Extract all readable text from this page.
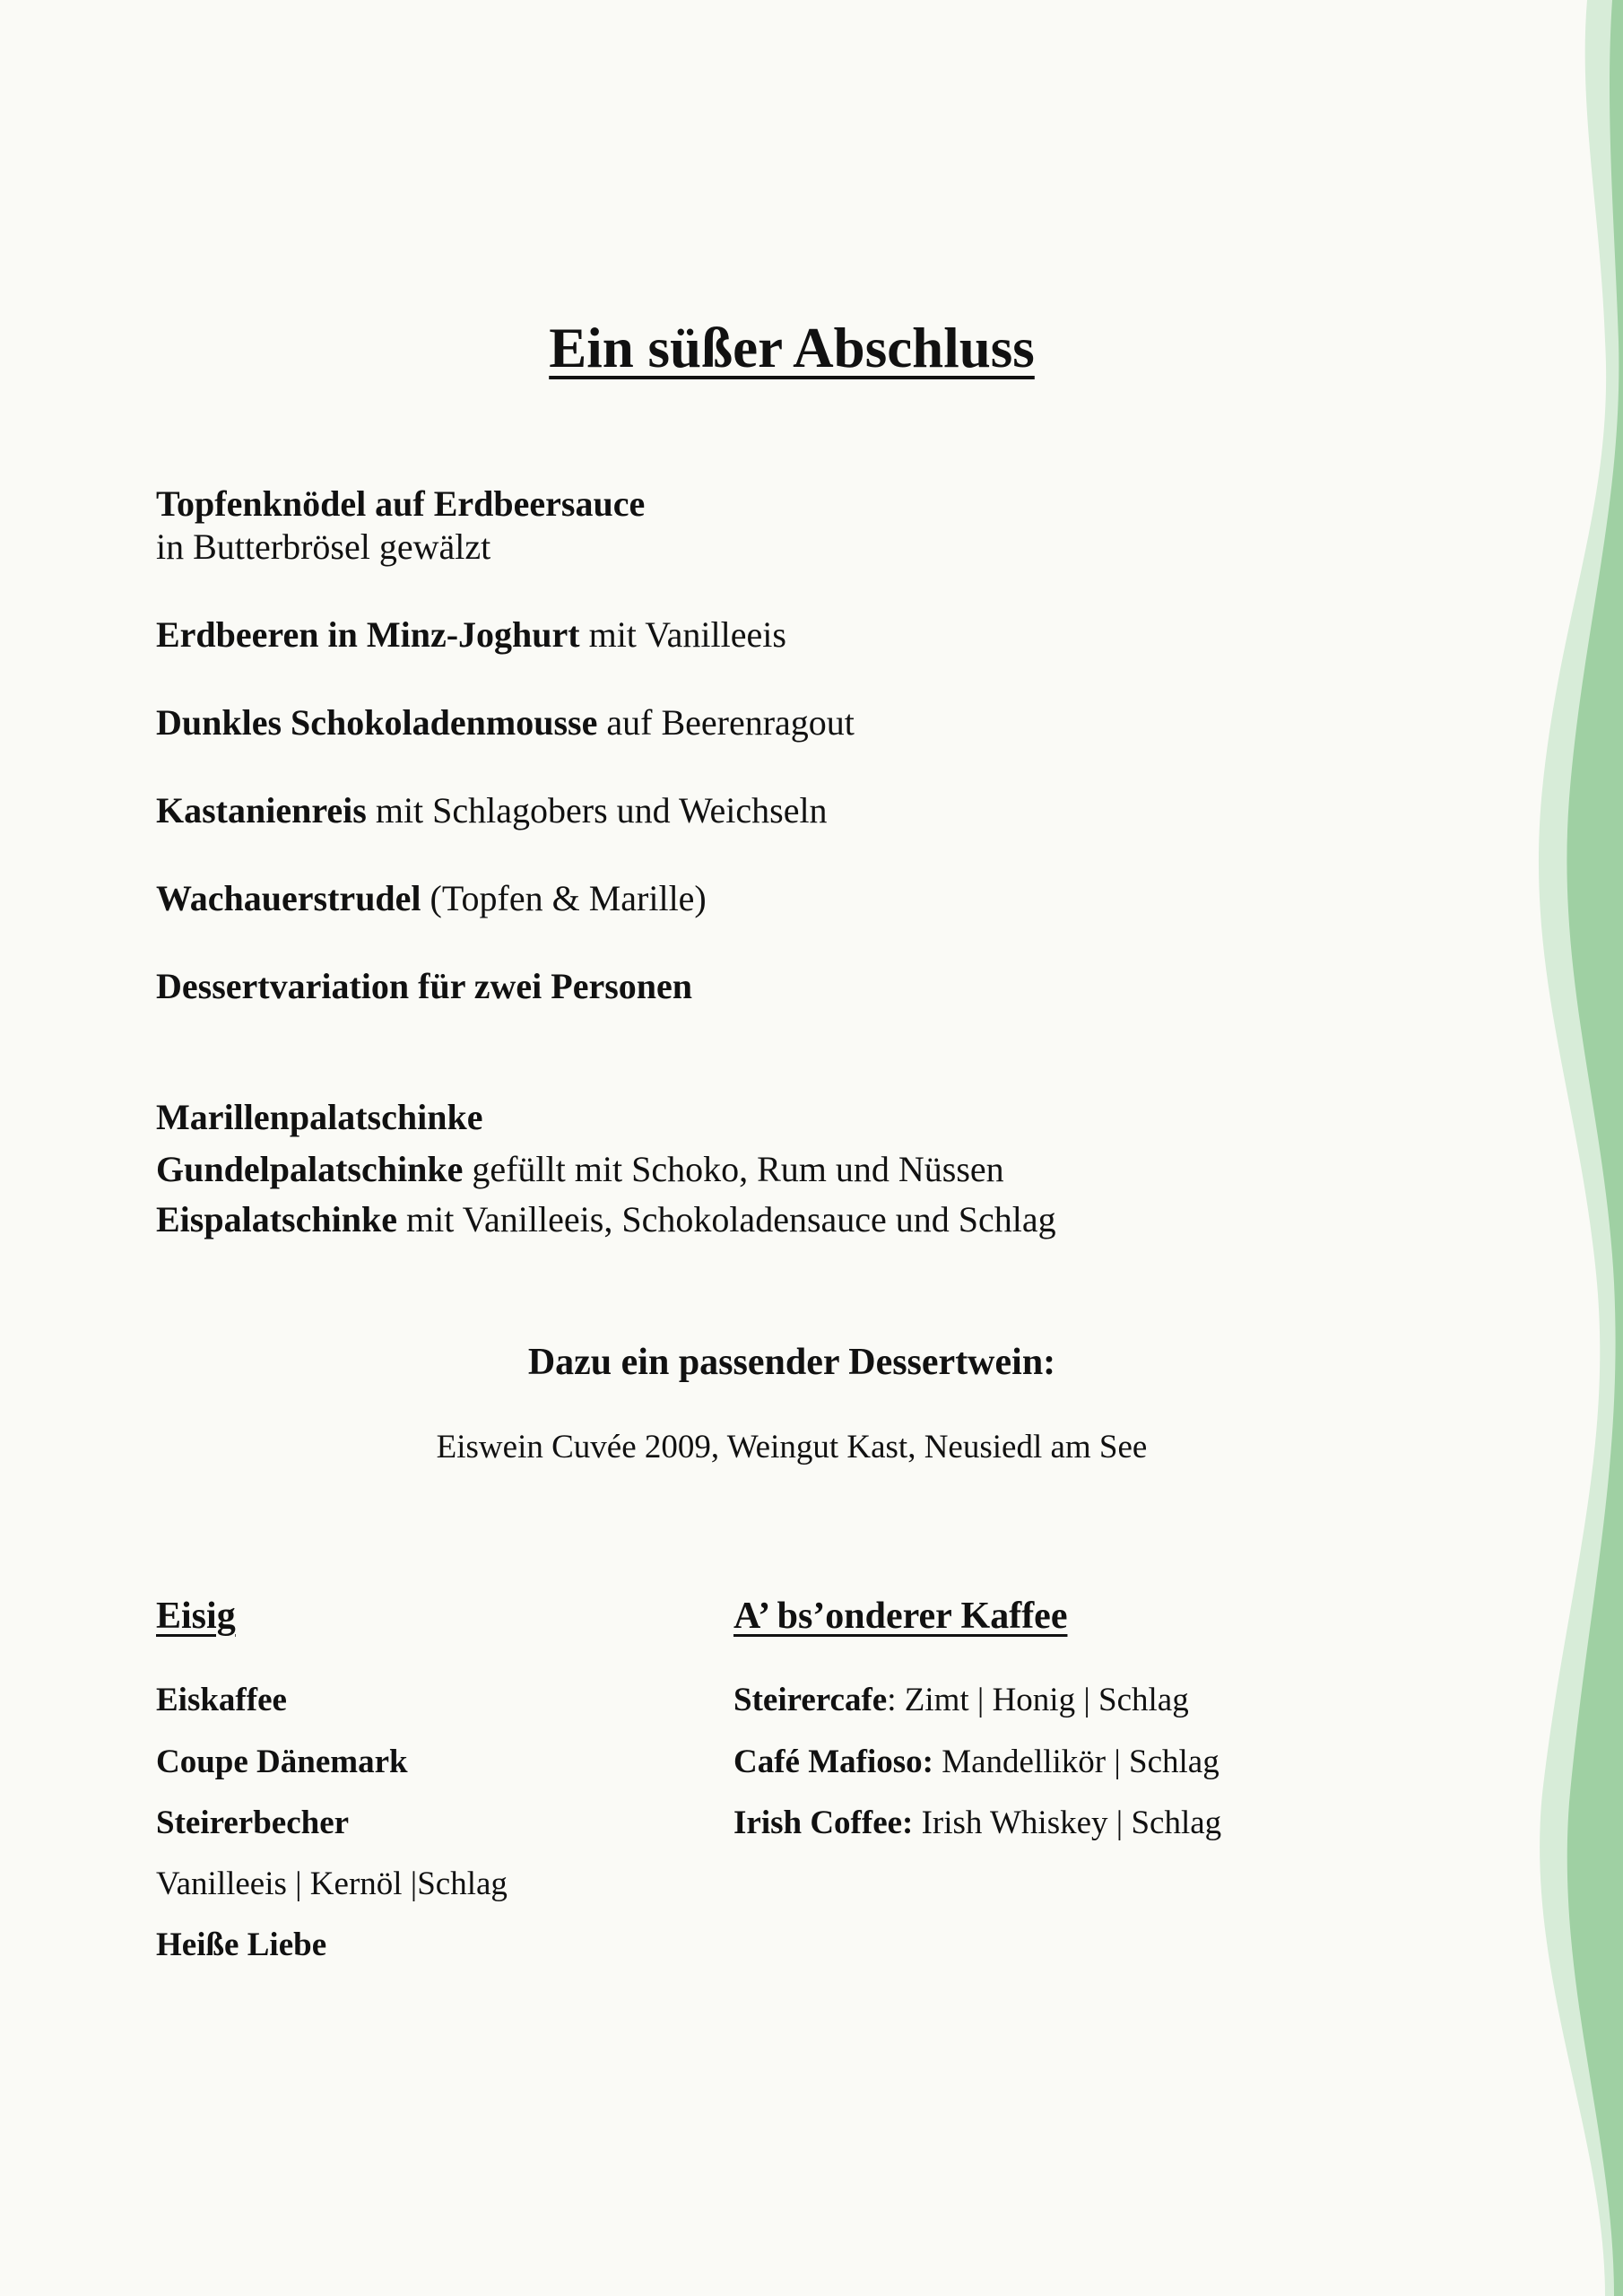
Ein süßer Abschluss
Topfenknödel auf Erdbeersauce
in Butterbrösel gewälzt
Erdbeeren in Minz-Joghurt mit Vanilleeis
Dunkles Schokoladenmousse auf Beerenragout
Kastanienreis mit Schlagobers und Weichseln
Wachauerstrudel (Topfen & Marille)
Dessertvariation für zwei Personen
Marillenpalatschinke
Gundelpalatschinke gefüllt mit Schoko, Rum und Nüssen
Eispalatschinke mit Vanilleeis, Schokoladensauce und Schlag
Dazu ein passender Dessertwein:
Eiswein Cuvée 2009, Weingut Kast, Neusiedl am See
Eisig
Eiskaffee
Coupe Dänemark
Steirerbecher
Vanilleeis | Kernöl |Schlag
Heiße Liebe
A’ bs’onderer Kaffee
Steirercafe: Zimt | Honig | Schlag
Café Mafioso: Mandellikör | Schlag
Irish Coffee: Irish Whiskey | Schlag
